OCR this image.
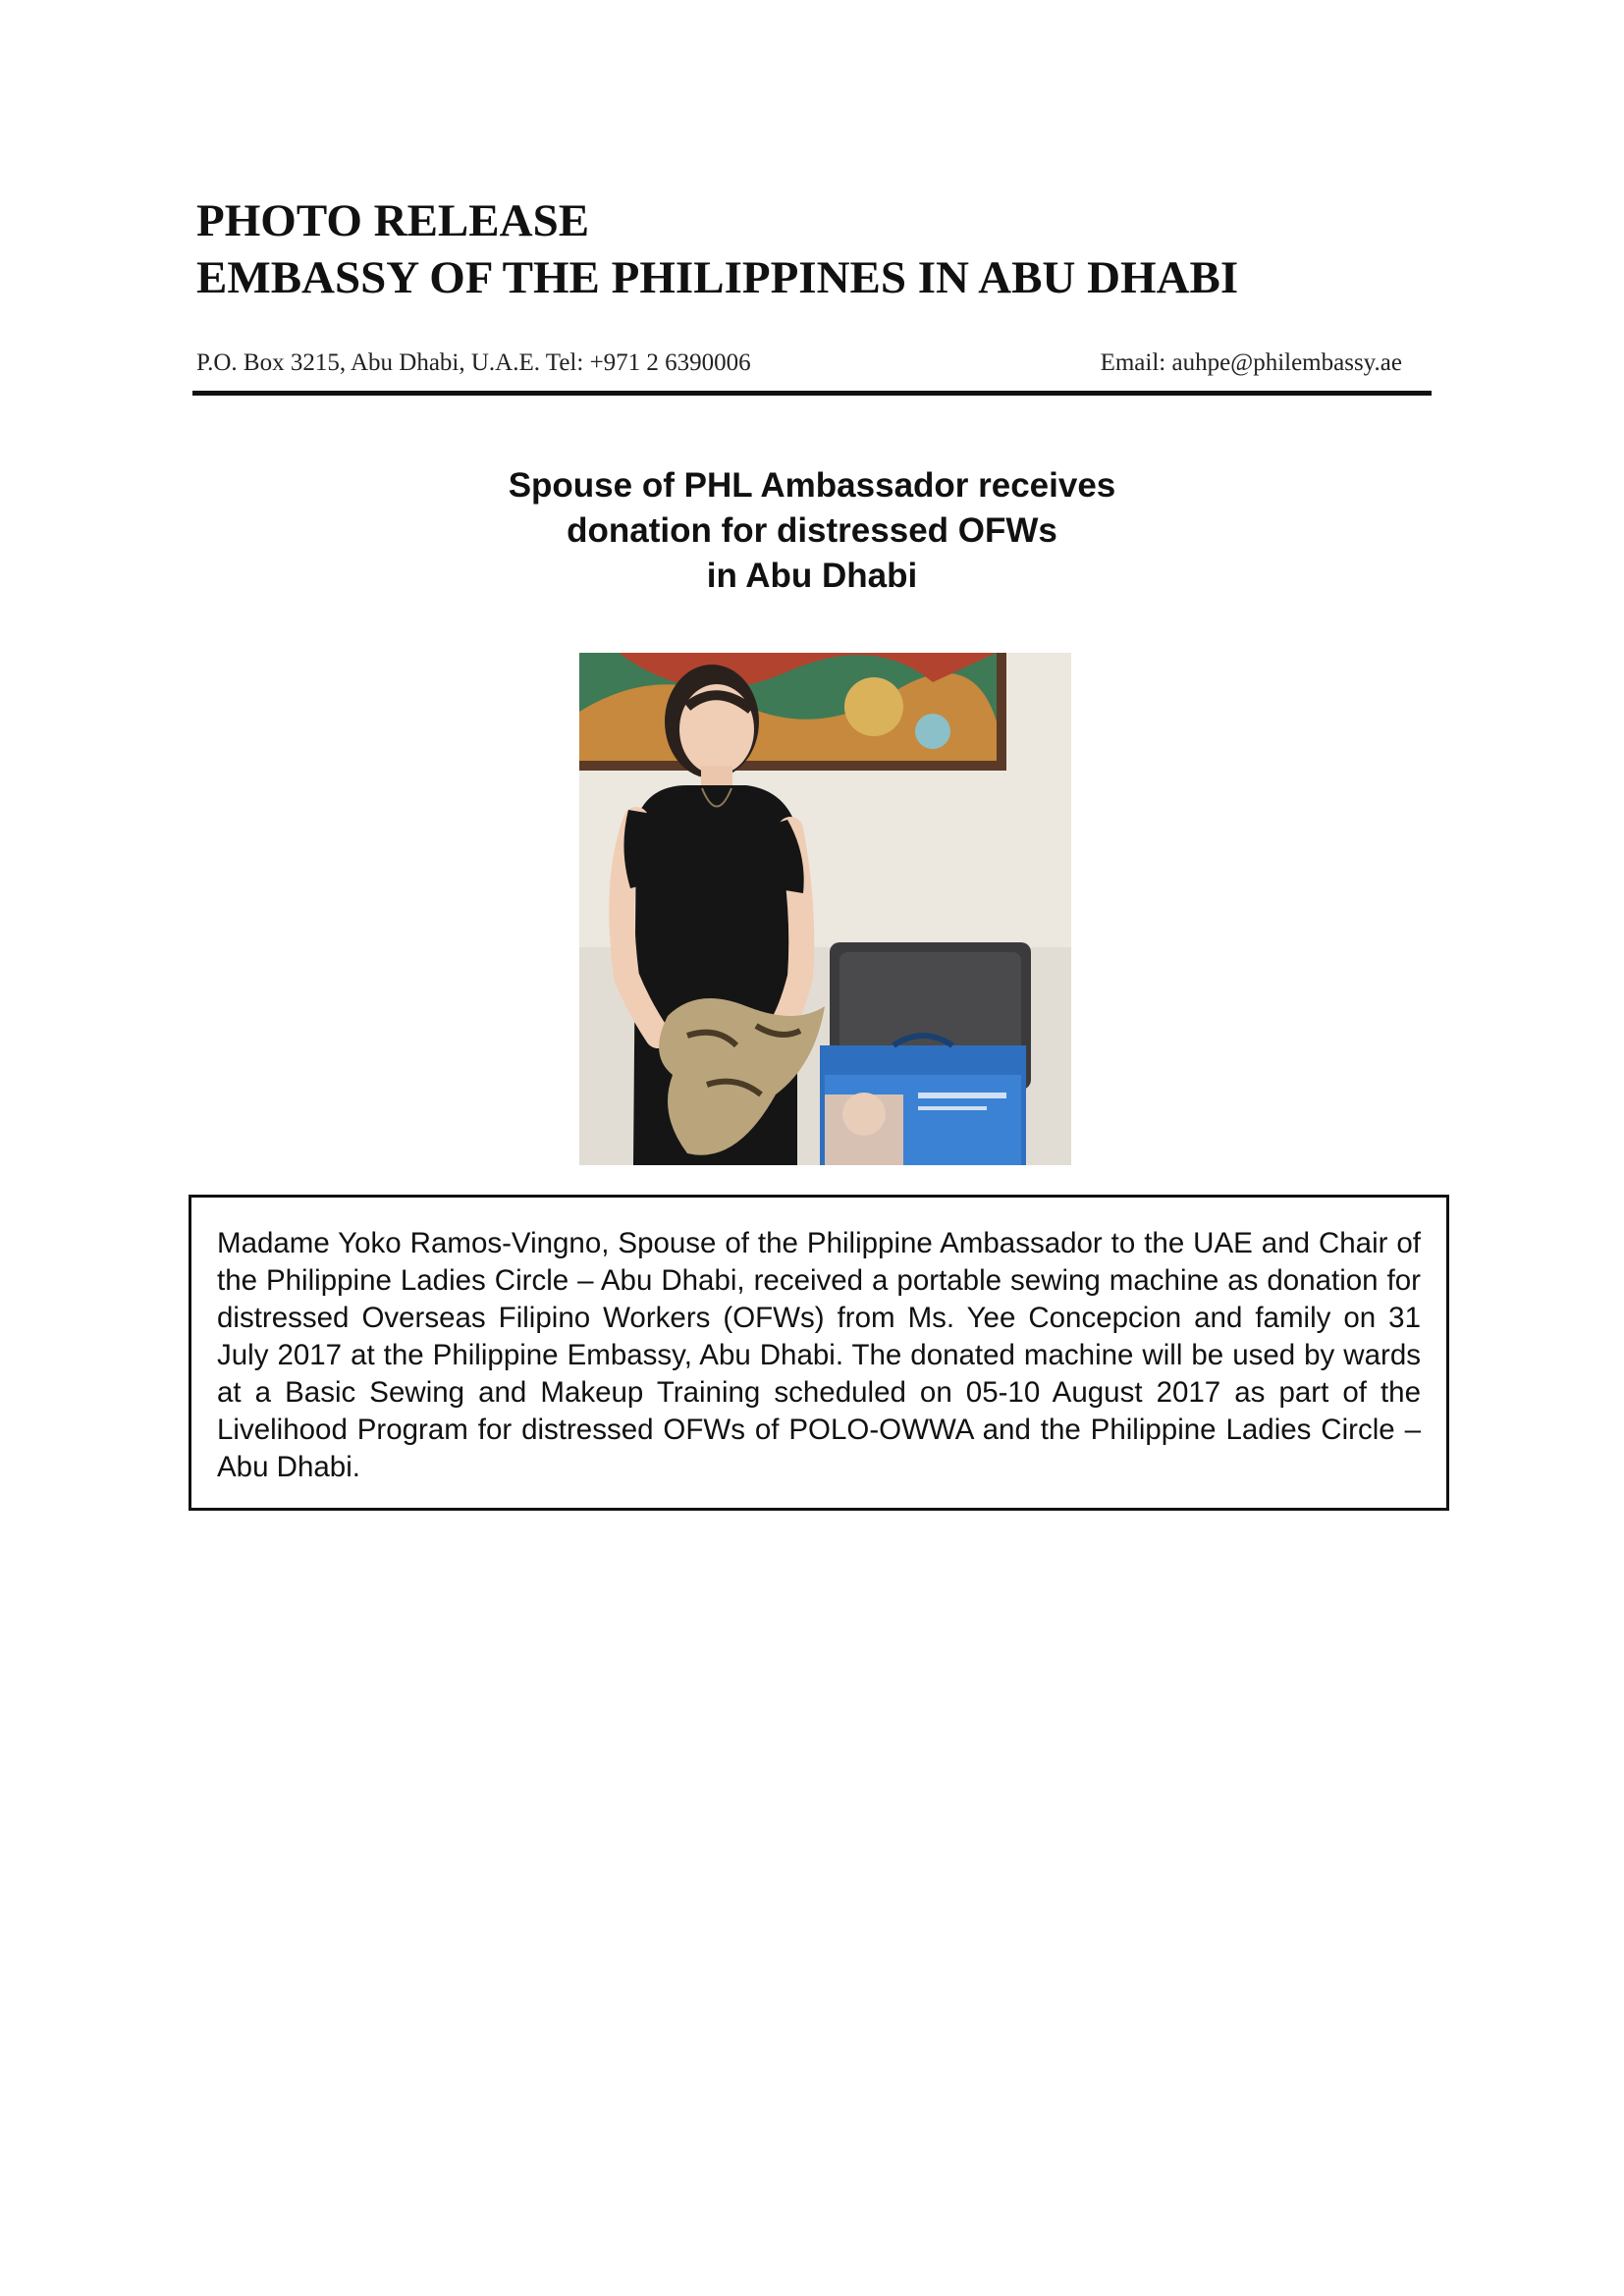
PHOTO RELEASE
EMBASSY OF THE PHILIPPINES IN ABU DHABI
P.O. Box 3215, Abu Dhabi, U.A.E. Tel: +971 2 6390006	Email: auhpe@philembassy.ae
Spouse of PHL Ambassador receives
donation for distressed OFWs
in Abu Dhabi

Madame Yoko Ramos-Vingno, Spouse of the Philippine Ambassador to the UAE and Chair of the Philippine Ladies Circle – Abu Dhabi, received a portable sewing machine as donation for distressed Overseas Filipino Workers (OFWs) from Ms. Yee Concepcion and family on 31 July 2017 at the Philippine Embassy, Abu Dhabi. The donated machine will be used by wards at a Basic Sewing and Makeup Training scheduled on 05-10 August 2017 as part of the Livelihood Program for distressed OFWs of POLO-OWWA and the Philippine Ladies Circle – Abu Dhabi.
